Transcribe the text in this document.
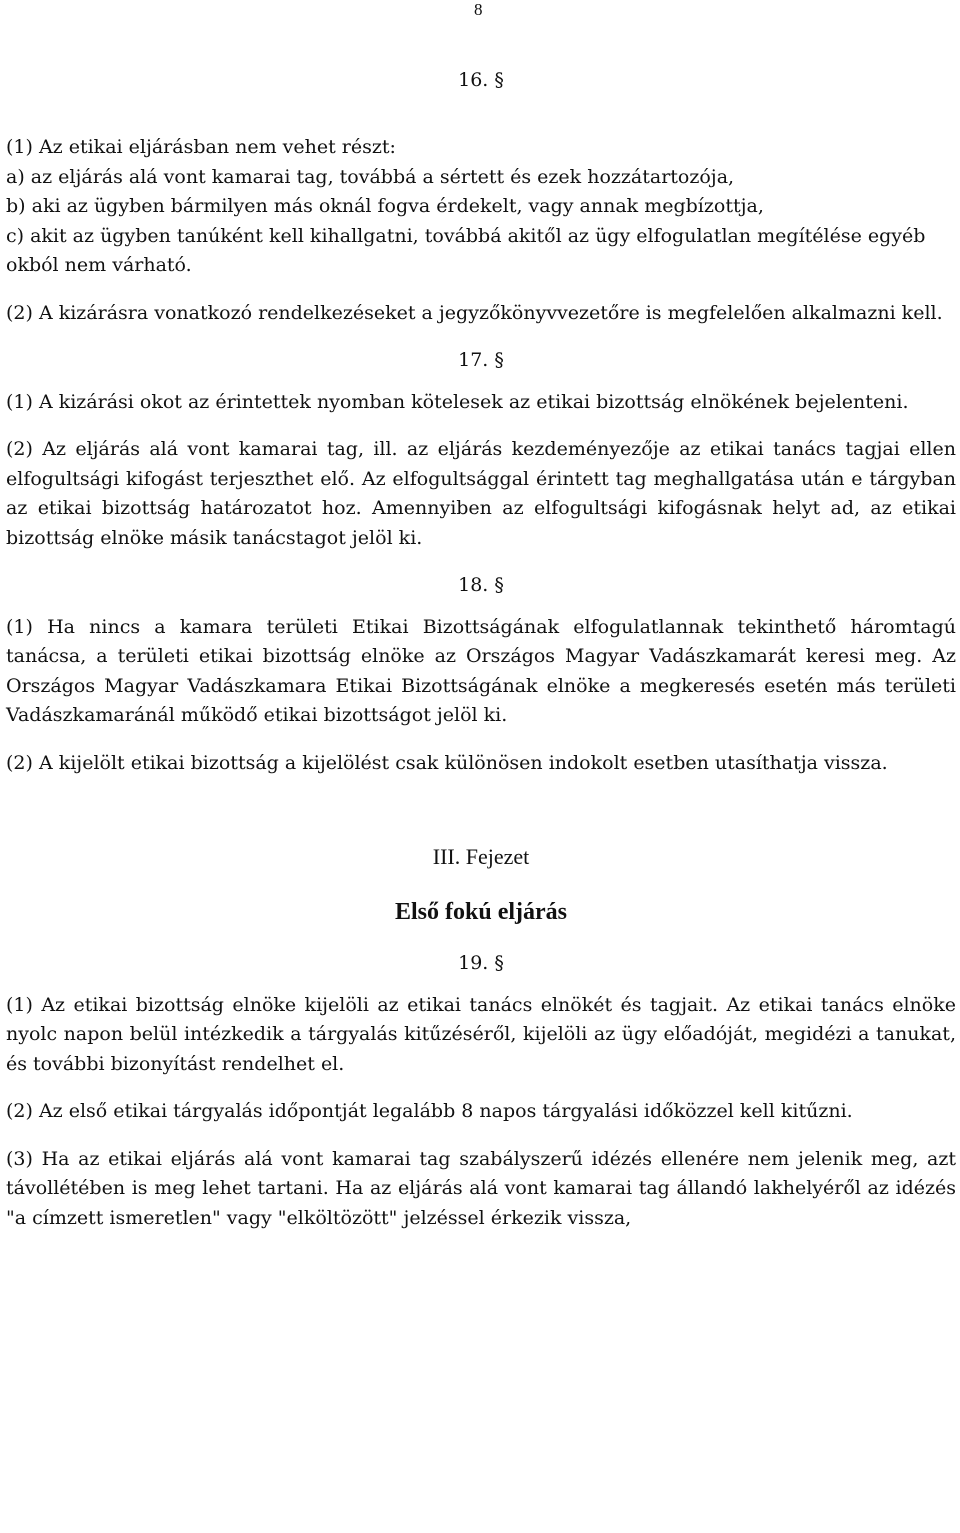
8
16. §

(1) Az etikai eljárásban nem vehet részt:
a) az eljárás alá vont kamarai tag, továbbá a sértett és ezek hozzátartozója,
b) aki az ügyben bármilyen más oknál fogva érdekelt, vagy annak megbízottja,
c) akit az ügyben tanúként kell kihallgatni, továbbá akitől az ügy elfogulatlan megítélése egyéb okból nem várható.

(2) A kizárásra vonatkozó rendelkezéseket a jegyzőkönyvvezetőre is megfelelően alkalmazni kell.
17. §
(1) A kizárási okot az érintettek nyomban kötelesek az etikai bizottság elnökének bejelenteni.
(2) Az eljárás alá vont kamarai tag, ill. az eljárás kezdeményezője az etikai tanács tagjai ellen elfogultsági kifogást terjeszthet elő. Az elfogultsággal érintett tag meghallgatása után e tárgyban az etikai bizottság határozatot hoz. Amennyiben az elfogultsági kifogásnak helyt ad, az etikai bizottság elnöke másik tanácstagot jelöl ki.
18. §
(1) Ha nincs a kamara területi Etikai Bizottságának elfogulatlannak tekinthető háromtagú tanácsa, a területi etikai bizottság elnöke az Országos Magyar Vadászkamarát keresi meg. Az Országos Magyar Vadászkamara Etikai Bizottságának elnöke a megkeresés esetén más területi Vadászkamaránál működő etikai bizottságot jelöl ki.
(2) A kijelölt etikai bizottság a kijelölést csak különösen indokolt esetben utasíthatja vissza.
III. Fejezet
Első fokú eljárás
19. §
(1) Az etikai bizottság elnöke kijelöli az etikai tanács elnökét és tagjait. Az etikai tanács elnöke nyolc napon belül intézkedik a tárgyalás kitűzéséről, kijelöli az ügy előadóját, megidézi a tanukat, és további bizonyítást rendelhet el.
(2) Az első etikai tárgyalás időpontját legalább 8 napos tárgyalási időközzel kell kitűzni.
(3) Ha az etikai eljárás alá vont kamarai tag szabályszerű idézés ellenére nem jelenik meg, azt távollétében is meg lehet tartani. Ha az eljárás alá vont kamarai tag állandó lakhelyéről az idézés "a címzett ismeretlen" vagy "elköltözött" jelzéssel érkezik vissza,
